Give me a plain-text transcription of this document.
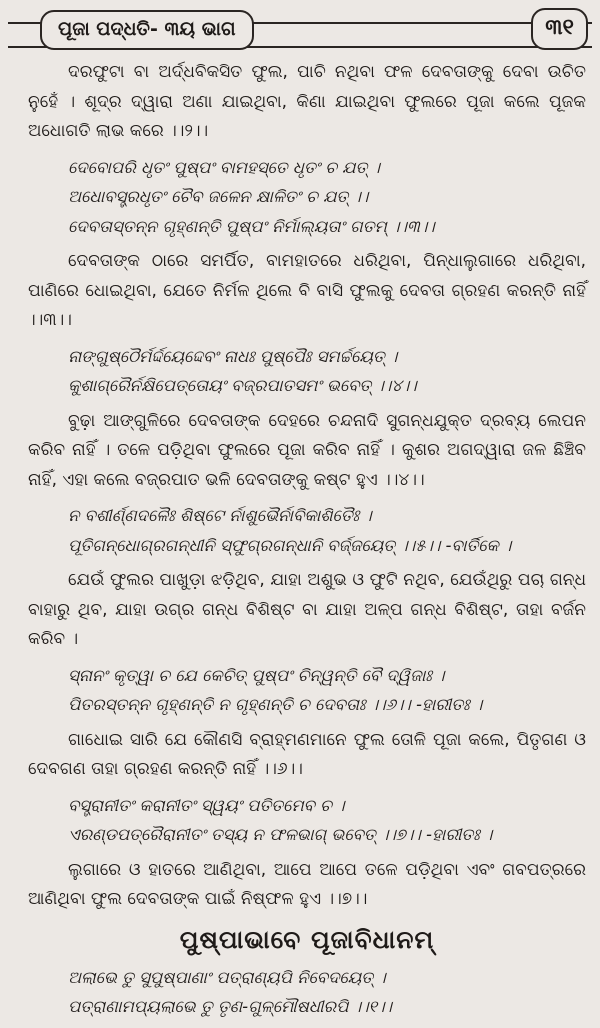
ପୂଜା ପଦ୍ଧତି- ୩ୟ ଭାଗ	୩୧

ଦରଫୁଟା ବା ଅର୍ଦ୍ଧବିକସିତ ଫୁଲ, ପାଚି ନଥିବା ଫଳ ଦେବତାଙ୍କୁ ଦେବା ଉଚିତ ନୁହେଁ । ଶୂଦ୍ର ଦ୍ୱାରା ଅଣା ଯାଇଥିବା, କିଣା ଯାଇଥିବା ଫୁଲରେ ପୂଜା କଲେ ପୂଜକ ଅଧୋଗତି ଲାଭ କରେ ।।୨।।

ଦେବୋପରି ଧୃତଂ ପୁଷ୍ପଂ ବାମହସ୍ତେ ଧୃତଂ ଚ ଯତ୍ ।
ଅଧୋବସ୍ତ୍ରଧୃତଂ ଚୈବ ଜଳେନ କ୍ଷାଳିତଂ ଚ ଯତ୍ ।।
ଦେବତାସ୍ତନ୍ନ ଗୃହ୍ଣନ୍ତି ପୁଷ୍ପଂ ନିର୍ମାଲ୍ୟତାଂ ଗତମ୍ ।।୩।।

ଦେବତାଙ୍କ ଠାରେ ସମର୍ପିତ, ବାମହାତରେ ଧରିଥିବା, ପିନ୍ଧାଲୁଗାରେ ଧରିଥିବା, ପାଣିରେ ଧୋଇଥିବା, ଯେତେ ନିର୍ମଳ ଥିଲେ ବି ବାସି ଫୁଲକୁ ଦେବତା ଗ୍ରହଣ କରନ୍ତି ନାହିଁ ।।୩।।

ନାଙ୍ଗୁଷ୍ଠୈର୍ମର୍ଦ୍ଦୟେଦ୍ଦେବଂ ନାଧଃ ପୁଷ୍ପୈଃ ସମର୍ଚ୍ଚୟେତ୍ ।
କୁଶାଗ୍ରୈର୍ନକ୍ଷିପେତ୍ତୋୟଂ ବଜ୍ରପାତସମଂ ଭବେତ୍ ।।୪।।

ବୁଢ଼ା ଆଙ୍ଗୁଳିରେ ଦେବତାଙ୍କ ଦେହରେ ଚନ୍ଦନାଦି ସୁଗନ୍ଧଯୁକ୍ତ ଦ୍ରବ୍ୟ ଲେପନ କରିବ ନାହିଁ । ତଳେ ପଡ଼ିଥିବା ଫୁଲରେ ପୂଜା କରିବ ନାହିଁ । କୁଶର ଅଗଦ୍ୱାରା ଜଳ ଛିଞ୍ଚିବ ନାହିଁ, ଏହା କଲେ ବଜ୍ରପାତ ଭଳି ଦେବତାଙ୍କୁ କଷ୍ଟ ହୁଏ ।।୪।।

ନ ବଶୀର୍ଣ୍ଣଦଳୈଃ ଶିଷ୍ଟେ ର୍ନାଶୁଭୈର୍ନାବିକାଶିତୈଃ ।
ପୂତିଗନ୍ଧୋଗ୍ରଗନ୍ଧୀନି ସ୍ଫୁଗ୍ରଗନ୍ଧାନି ବର୍ଜ୍ଜୟେତ୍ ।।୫।। -ବାର୍ତିକେ ।

ଯେଉଁ ଫୁଲର ପାଖୁଡ଼ା ଝଡ଼ିଥିବ, ଯାହା ଅଶୁଭ ଓ ଫୁଟି ନଥିବ, ଯେଉଁଥିରୁ ପଚା ଗନ୍ଧ ବାହାରୁ ଥିବ, ଯାହା ଉଗ୍ର ଗନ୍ଧ ବିଶିଷ୍ଟ ବା ଯାହା ଅଳ୍ପ ଗନ୍ଧ ବିଶିଷ୍ଟ, ତାହା ବର୍ଜନ କରିବ ।

ସ୍ନାନଂ କୃତ୍ୱା ଚ ଯେ କେଚିତ୍ ପୁଷ୍ପଂ ଚିନ୍ୱନ୍ତି ବୈ ଦ୍ୱିଜାଃ ।
ପିତରସ୍ତନ୍ନ ଗୃହ୍ଣନ୍ତି ନ ଗୃହ୍ଣନ୍ତି ଚ ଦେବତାଃ ।।୬।। -ହାରୀତଃ ।

ଗାଧୋଇ ସାରି ଯେ କୌଣସି ବ୍ରାହ୍ମଣମାନେ ଫୁଲ ତୋଳି ପୂଜା କଲେ, ପିତୃଗଣ ଓ ଦେବଗଣ ତାହା ଗ୍ରହଣ କରନ୍ତି ନାହିଁ ।।୬।।

ବସ୍ତ୍ରାନୀତଂ କରାନୀତଂ ସ୍ୱୟଂ ପତିତମେବ ଚ ।
ଏରଣ୍ଡପତ୍ରୈରାନୀତଂ ତସ୍ୟ ନ ଫଳଭାଗ୍ ଭବେତ୍ ।।୭।। -ହାରୀତଃ ।

ଲୁଗାରେ ଓ ହାତରେ ଆଣିଥିବା, ଆପେ ଆପେ ତଳେ ପଡ଼ିଥିବା ଏବଂ ଗବପତ୍ରରେ ଆଣିଥିବା ଫୁଲ ଦେବତାଙ୍କ ପାଇଁ ନିଷ୍ଫଳ ହୁଏ ।।୭।।

ପୁଷ୍ପାଭାବେ ପୂଜାବିଧାନମ୍
ଅଲାଭେ ତୁ ସୁପୁଷ୍ପାଣାଂ ପତ୍ରାଣ୍ୟପି ନିବେଦୟେତ୍ ।
ପତ୍ରାଣାମପ୍ୟଲାଭେ ତୁ ତୃଣ-ଗୁଳ୍ମୌଷଧୀରପି ।।୧।।
